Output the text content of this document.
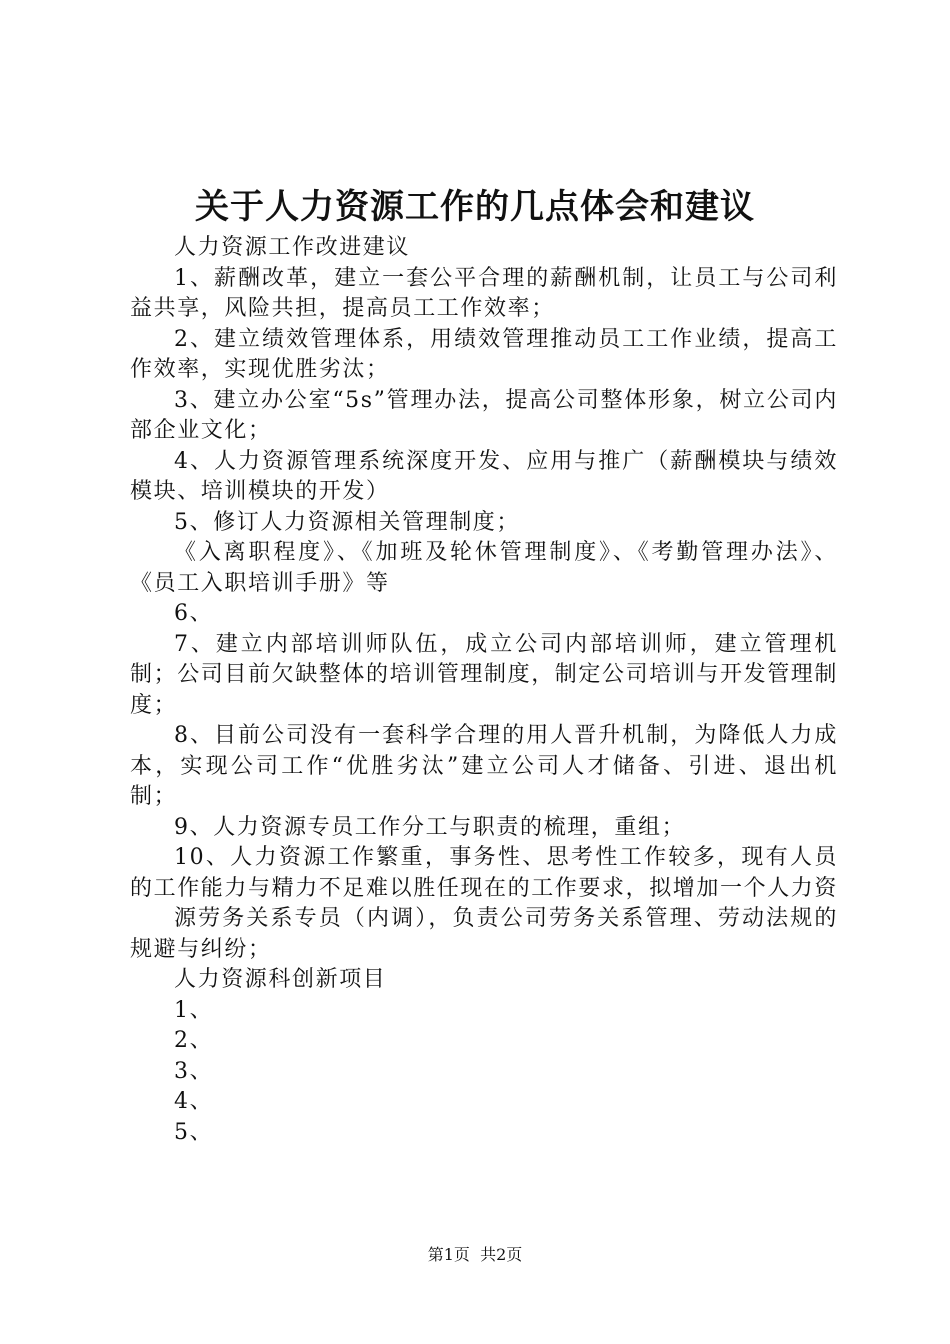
关于人力资源工作的几点体会和建议

人力资源工作改进建议

1、薪酬改革，建立一套公平合理的薪酬机制，让员工与公司利益共享，风险共担，提高员工工作效率；

2、建立绩效管理体系，用绩效管理推动员工工作业绩，提高工作效率，实现优胜劣汰；

3、建立办公室“5s”管理办法，提高公司整体形象，树立公司内部企业文化；

4、人力资源管理系统深度开发、应用与推广（薪酬模块与绩效模块、培训模块的开发）

5、修订人力资源相关管理制度；

《入离职程度》、《加班及轮休管理制度》、《考勤管理办法》、《员工入职培训手册》等

6、

7、建立内部培训师队伍，成立公司内部培训师，建立管理机制；公司目前欠缺整体的培训管理制度，制定公司培训与开发管理制度；

8、目前公司没有一套科学合理的用人晋升机制，为降低人力成本，实现公司工作“优胜劣汰”建立公司人才储备、引进、退出机制；

9、人力资源专员工作分工与职责的梳理，重组；

10、人力资源工作繁重，事务性、思考性工作较多，现有人员的工作能力与精力不足难以胜任现在的工作要求，拟增加一个人力资

源劳务关系专员（内调），负责公司劳务关系管理、劳动法规的规避与纠纷；

人力资源科创新项目

1、

2、

3、

4、

5、

第1页  共2页
